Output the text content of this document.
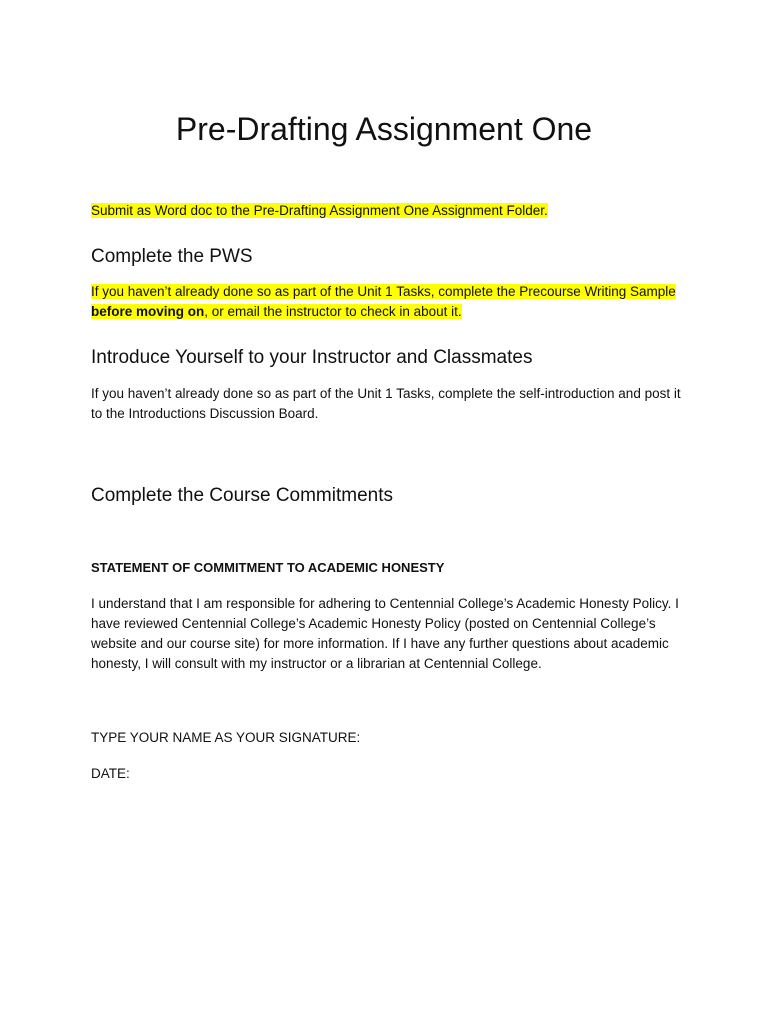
Pre-Drafting Assignment One

Submit as Word doc to the Pre-Drafting Assignment One Assignment Folder.

Complete the PWS

If you haven’t already done so as part of the Unit 1 Tasks, complete the Precourse Writing Sample before moving on, or email the instructor to check in about it.

Introduce Yourself to your Instructor and Classmates

If you haven’t already done so as part of the Unit 1 Tasks, complete the self-introduction and post it to the Introductions Discussion Board.

Complete the Course Commitments

STATEMENT OF COMMITMENT TO ACADEMIC HONESTY

I understand that I am responsible for adhering to Centennial College’s Academic Honesty Policy. I have reviewed Centennial College’s Academic Honesty Policy (posted on Centennial College’s website and our course site) for more information. If I have any further questions about academic honesty, I will consult with my instructor or a librarian at Centennial College.

TYPE YOUR NAME AS YOUR SIGNATURE:

DATE:
